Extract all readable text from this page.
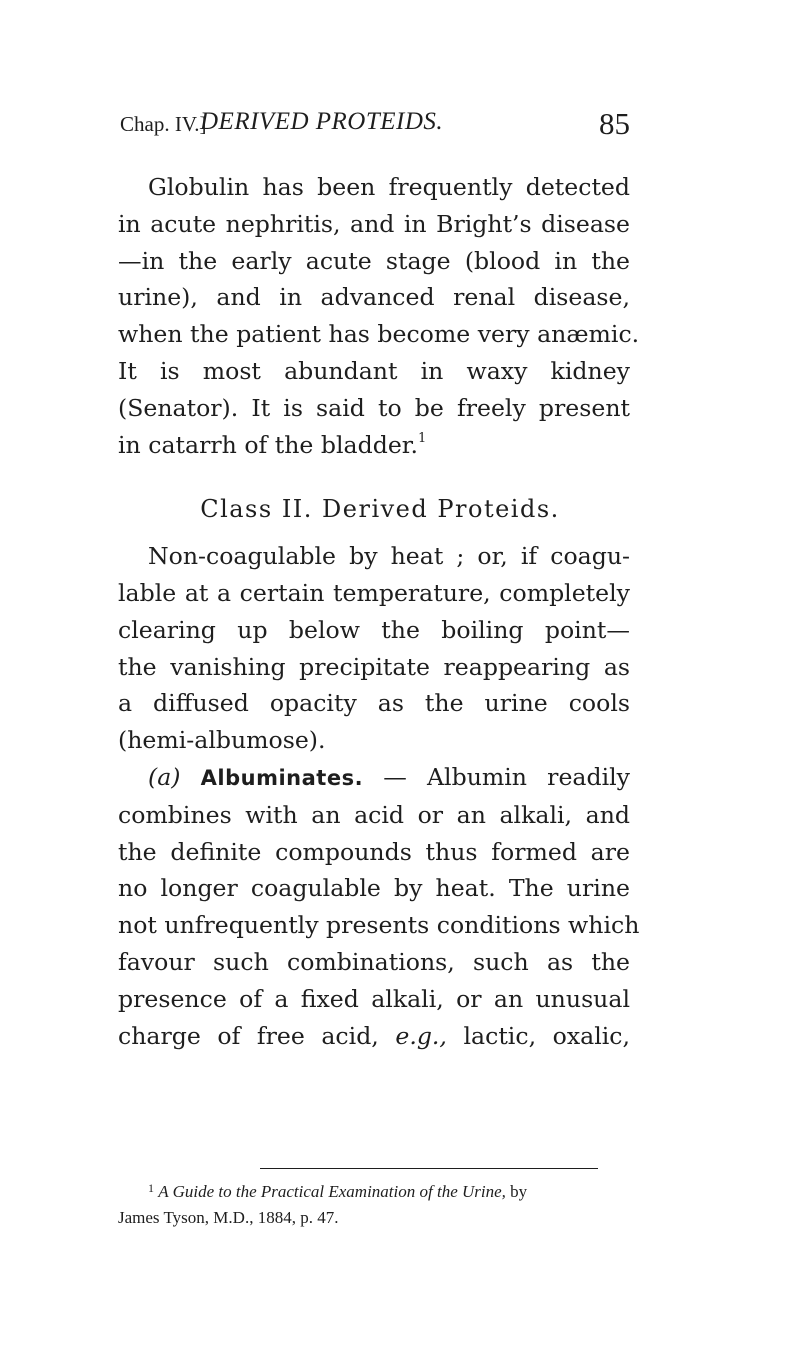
Chap. IV.]
DERIVED PROTEIDS.	85
Globulin has been frequently detected
in acute nephritis, and in Bright’s disease
—in the early acute stage (blood in the
urine), and in advanced renal disease,
when the patient has become very anæmic.
It is most abundant in waxy kidney
(Senator). It is said to be freely present
in catarrh of the bladder.$^1$
Class II. Derived Proteids.
Non-coagulable by heat ; or, if coagu-
lable at a certain temperature, completely
clearing up below the boiling point—
the vanishing precipitate reappearing as
a diffused opacity as the urine cools
(hemi-albumose).
(a) Albuminates. — Albumin readily
combines with an acid or an alkali, and
the definite compounds thus formed are
no longer coagulable by heat. The urine
not unfrequently presents conditions which
favour such combinations, such as the
presence of a fixed alkali, or an unusual
charge of free acid, e.g., lactic, oxalic,
$^1$ A Guide to the Practical Examination of the Urine, by
James Tyson, M.D., 1884, p. 47.
